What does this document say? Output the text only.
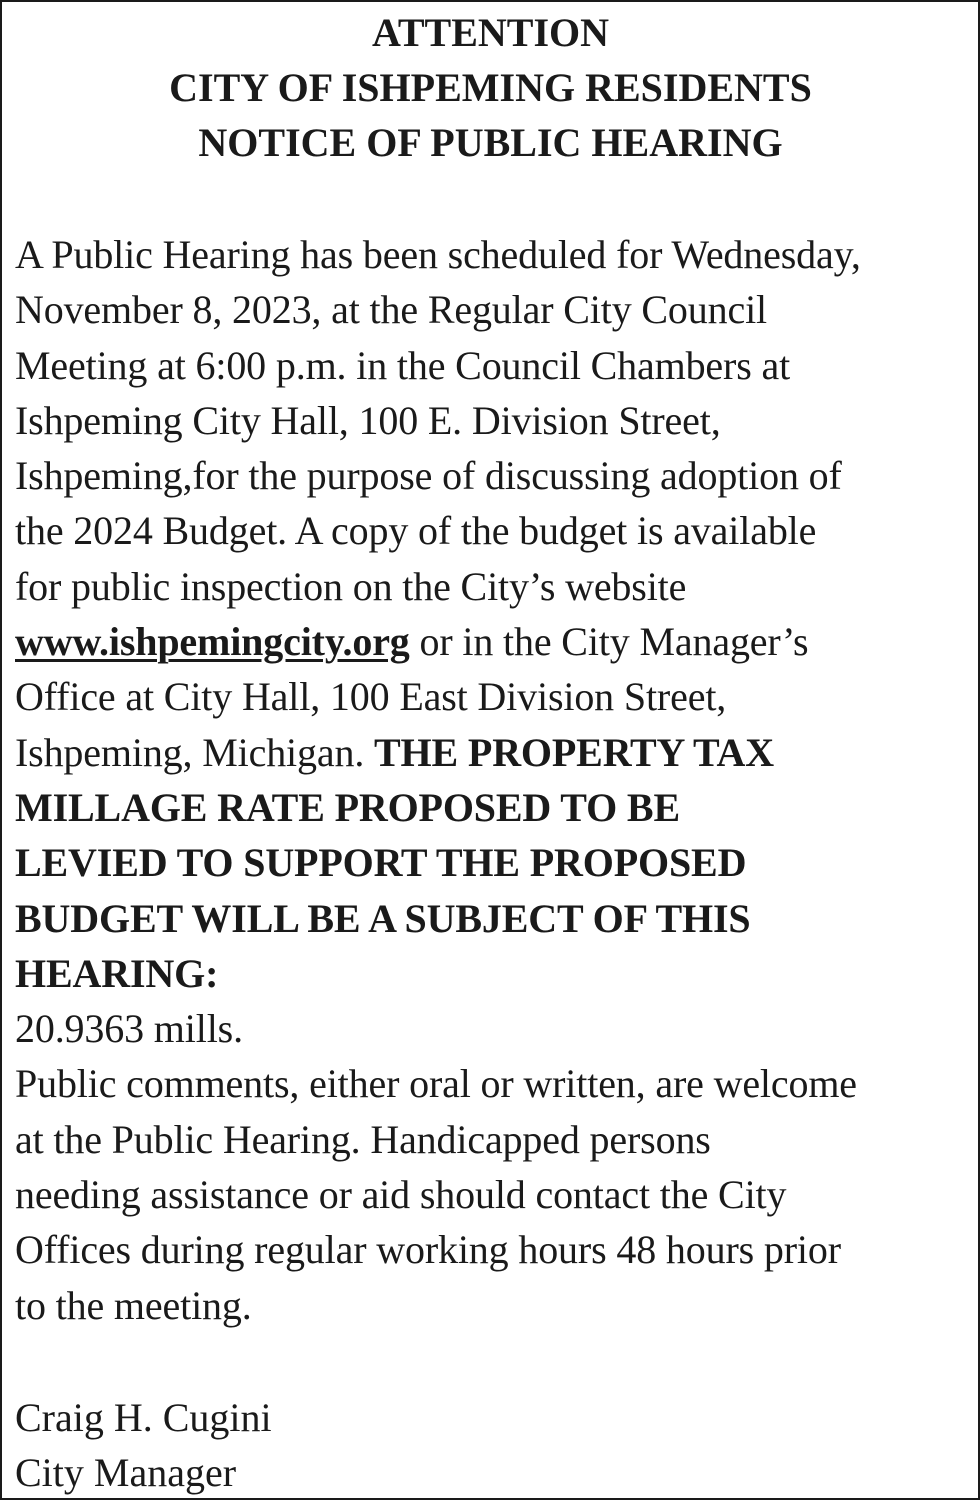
ATTENTION
CITY OF ISHPEMING RESIDENTS
NOTICE OF PUBLIC HEARING
A Public Hearing has been scheduled for Wednesday,
November 8, 2023, at the Regular City Council
Meeting at 6:00 p.m. in the Council Chambers at
Ishpeming City Hall, 100 E. Division Street,
Ishpeming,for the purpose of discussing adoption of
the 2024 Budget. A copy of the budget is available
for public inspection on the City’s website
www.ishpemingcity.org or in the City Manager’s
Office at City Hall, 100 East Division Street,
Ishpeming, Michigan. THE PROPERTY TAX
MILLAGE RATE PROPOSED TO BE
LEVIED TO SUPPORT THE PROPOSED
BUDGET WILL BE A SUBJECT OF THIS
HEARING:
20.9363 mills.
Public comments, either oral or written, are welcome
at the Public Hearing. Handicapped persons
needing assistance or aid should contact the City
Offices during regular working hours 48 hours prior
to the meeting.
Craig H. Cugini
City Manager
